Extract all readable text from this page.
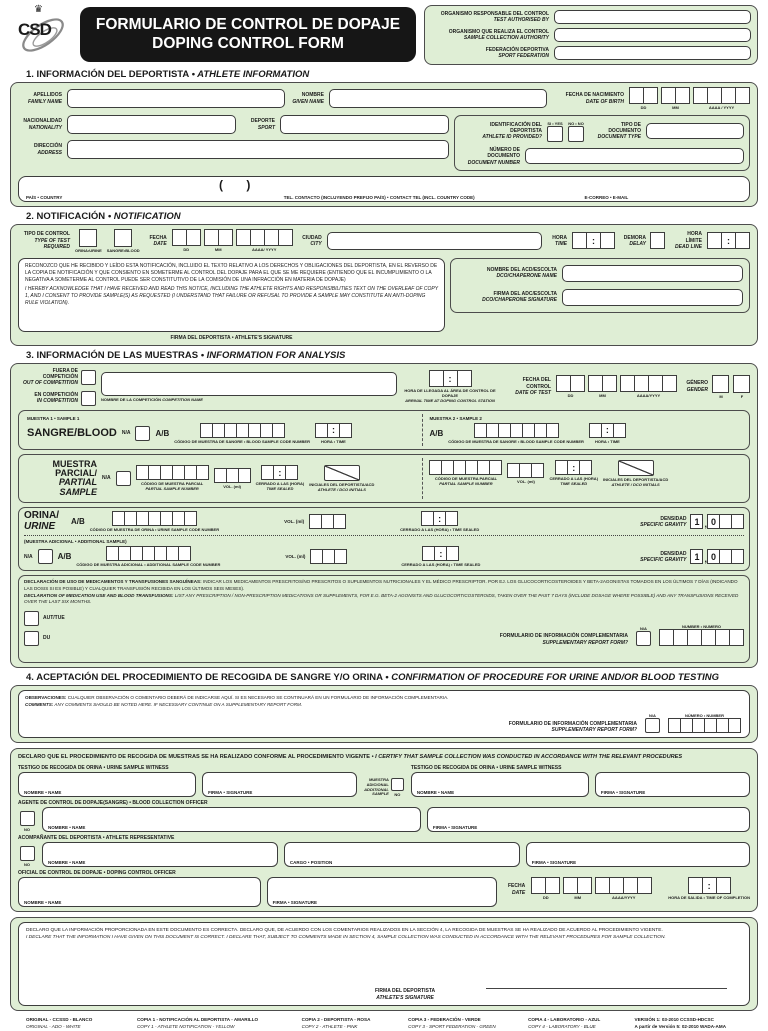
♛
CSD	FORMULARIO DE CONTROL DE DOPAJE
DOPING CONTROL FORM
ORGANISMO RESPONSABLE DEL CONTROL
TEST AUTHORISED BY
ORGANISMO QUE REALIZA EL CONTROL
SAMPLE COLLECTION AUTHORITY
FEDERACIÓN DEPORTIVA
SPORT FEDERATION
1. INFORMACIÓN DEL DEPORTISTA • ATHLETE INFORMATION
APELLIDOS
FAMILY NAME
NOMBRE
GIVEN NAME
FECHA DE NACIMIENTO
DATE OF BIRTH
DD	MM	AAAA / YYYY
NACIONALIDAD
NATIONALITY
DEPORTE
SPORT
DIRECCIÓN
ADDRESS
IDENTIFICACIÓN DEL DEPORTISTA
ATHLETE ID PROVIDED?
SI • YES NO • NO	TIPO DE DOCUMENTO
DOCUMENT TYPE
NÚMERO DE DOCUMENTO
DOCUMENT NUMBER
( )
PAÍS • COUNTRY	TEL. CONTACTO (INCLUYENDO PREFIJO PAÍS) • CONTACT TEL (INCL. COUNTRY CODE)	E-CORREO • E-MAIL
2. NOTIFICACIÓN • NOTIFICATION
TIPO DE CONTROL
TYPE OF TEST REQUIRED
ORINA•URINE SANGRE•BLOOD
FECHA
DATE
DD	MM	AAAA/ YYYY
CIUDAD
CITY
HORA
TIME
:
DEMORA
DELAY
HORA LÍMITE
DEAD LINE
:

RECONOZCO QUE HE RECIBIDO Y LEÍDO ESTA NOTIFICACIÓN, INCLUIDO EL TEXTO RELATIVO A LOS DERECHOS Y OBLIGACIONES DEL DEPORTISTA, EN EL REVERSO DE LA COPIA DE NOTIFICACIÓN Y QUE CONSIENTO EN SOMETERME AL CONTROL DEL DOPAJE PARA EL QUE SE ME REQUIERE (ENTIENDO QUE EL INCUMPLIMIENTO O LA NEGATIVA A SOMETERME AL CONTROL PUEDE SER CONSTITUTIVO DE LA COMISIÓN DE UNA INFRACCIÓN EN MATERIA DE DOPAJE)

I HEREBY ACKNOWLEDGE THAT I HAVE RECEIVED AND READ THIS NOTICE, INCLUDING THE ATHLETE RIGHTS AND RESPONSIBILITIES TEXT ON THE OVERLEAF OF COPY 1, AND I CONSENT TO PROVIDE SAMPLE(S) AS REQUESTED (I UNDERSTAND THAT FAILURE OR REFUSAL TO PROVIDE A SAMPLE MAY CONSTITUTE AN ANTI-DOPING RULE VIOLATION).

FIRMA DEL DEPORTISTA • ATHLETE'S SIGNATURE
NOMBRE DEL ACD/ESCOLTA
DCO/CHAPERONE NAME
FIRMA DEL ADC/ESCOLTA
DCO/CHAPERONE SIGNATURE
3. INFORMACIÓN DE LAS MUESTRAS • INFORMATION FOR ANALYSIS
FUERA DE COMPETICIÓN
OUT OF COMPETITION
EN COMPETICIÓN
IN COMPETITION	NOMBRE DE LA COMPETICIÓN COMPETITION NAME
:
HORA DE LLEGADA AL ÁREA DE CONTROL DE DOPAJE
ARRIVAL TIME AT DOPING CONTROL STATION
FECHA DEL CONTROL
DATE OF TEST	DD	MM	AAAA/YYYY
GÉNERO
GENDER
M	F
MUESTRA 1 • SAMPLE 1
SANGRE/BLOOD N/A	A/B
CÓDIGO DE MUESTRA DE SANGRE • BLOOD SAMPLE CODE NUMBER
:	HORA • TIME
MUESTRA 2 • SAMPLE 2
A/B
CÓDIGO DE MUESTRA DE SANGRE • BLOOD SAMPLE CODE NUMBER
:	HORA • TIME
MUESTRA
PARCIAL/
PARTIAL SAMPLE
N/A
CÓDIGO DE MUESTRA PARCIAL
PARTIAL SAMPLE NUMBER	VOL. (ml)
:	CERRADO A LAS (HORA)
TIME SEALED
INICIALES DEL DEPORTISTA/ACD
ATHLETE / DCO INITIALS
CÓDIGO DE MUESTRA PARCIAL
PARTIAL SAMPLE NUMBER	VOL. (ml)
:	CERRADO A LAS (HORA)
TIME SEALED
INICIALES DEL DEPORTISTA/ACD
ATHLETE / DCO INITIALS
ORINA/
URINE	A/B
CÓDIGO DE MUESTRA DE ORINA • URINE SAMPLE CODE NUMBER
VOL. (ml)
:
CERRADO A LAS (HORA) • TIME SEALED
DENSIDAD
SPECIFIC GRAVITY 1 , 0
(MUESTRA ADICIONAL • ADDITIONAL SAMPLE)
N/A	A/B
CÓDIGO DE MUESTRA ADICIONAL • ADDITIONAL SAMPLE CODE NUMBER
VOL. (ml)
:
CERRADO A LAS (HORA) • TIME SEALED
DENSIDAD
SPECIFIC GRAVITY 1 , 0

DECLARACIÓN DE USO DE MEDICAMENTOS Y TRANSFUSIONES SANGUÍNEAS: INDICAR LOS MEDICAMENTOS PRESCRITOS/NO PRESCRITOS O SUPLEMENTOS NUTRICIONALES Y EL MÉDICO PRESCRIPTOR. POR EJ. LOS GLUCOCORTICOSTEROIDES Y BETA-2AGONISTAS TOMADOS EN LOS ÚLTIMOS 7 DÍAS (INDICANDO LAS DOSIS SI ES POSIBLE) Y CUALQUIER TRANSFUSIÓN RECIBIDA EN LOS ÚLTIMOS SEIS MESES).

DECLARATION OF MEDICATION USE AND BLOOD TRANSFUSIONS: LIST ANY PRESCRIPTION / NON-PRESCRIPTION MEDICATIONS OR SUPPLEMENTS, FOR E.G. BETA-2 AGONISTS AND GLUCOCORTICOSTEROIDS, TAKEN OVER THE PAST 7 DAYS (INCLUDE DOSAGE WHERE POSSIBLE) AND ANY TRANSFUSIONS RECEIVED OVER THE LAST SIX MONTHS.

AUT/TUE
DU	FORMULARIO DE INFORMACIÓN COMPLEMENTARIA
SUPPLEMENTARY REPORT FORM?
N/A	NUMBER • NUMERO
4. ACEPTACIÓN DEL PROCEDIMIENTO DE RECOGIDA DE SANGRE Y/O ORINA • CONFIRMATION OF PROCEDURE FOR URINE AND/OR BLOOD TESTING

OBSERVACIONES: CUALQUIER OBSERVACIÓN O COMENTARIO DEBERÁ DE INDICARSE AQUÍ. SI ES NECESARIO SE CONTINUARÁ EN UN FORMULARIO DE INFORMACIÓN COMPLEMENTARIA.

COMMENTS: ANY COMMENTS SHOULD BE NOTED HERE. IF NECESSARY CONTINUE ON A SUPPLEMENTARY REPORT FORM.

FORMULARIO DE INFORMACIÓN COMPLEMENTARIA
SUPPLEMENTARY REPORT FORM?
N/A	NÚMERO • NUMBER
DECLARO QUE EL PROCEDIMIENTO DE RECOGIDA DE MUESTRAS SE HA REALIZADO CONFORME AL PROCEDIMIENTO VIGENTE • I CERTIFY THAT SAMPLE COLLECTION WAS CONDUCTED IN ACCORDANCE WITH THE RELEVANT PROCEDURES
TESTIGO DE RECOGIDA DE ORINA • URINE SAMPLE WITNESS
NOMBRE • NAME	FIRMA • SIGNATURE
MUESTRA
ADICIONAL
ADDITIONAL
SAMPLE NO
TESTIGO DE RECOGIDA DE ORINA • URINE SAMPLE WITNESS
NOMBRE • NAME	FIRMA • SIGNATURE
AGENTE DE CONTROL DE DOPAJE(SANGRE) • BLOOD COLLECTION OFFICER
NO	NOMBRE • NAME	FIRMA • SIGNATURE
ACOMPAÑANTE DEL DEPORTISTA • ATHLETE REPRESENTATIVE
NO	NOMBRE • NAME	CARGO • POSITION	FIRMA • SIGNATURE
OFICIAL DE CONTROL DE DOPAJE • DOPING CONTROL OFFICER
NOMBRE • NAME	FIRMA • SIGNATURE
FECHA
DATE
DD	MM	AAAA/YYYY
:	HORA DE SALIDA • TIME OF COMPLETION

DECLARO QUE LA INFORMACIÓN PROPORCIONADA EN ESTE DOCUMENTO ES CORRECTA. DECLARO QUE, DE ACUERDO CON LOS COMENTARIOS REALIZADOS EN LA SECCIÓN 4, LA RECOGIDA DE MUESTRAS SE HA REALIZADO DE ACUERDO AL PROCEDIMIENTO VIGENTE.

I DECLARE THAT THE INFORMATION I HAVE GIVEN ON THIS DOCUMENT IS CORRECT. I DECLARE THAT, SUBJECT TO COMMENTS MADE IN SECTION 4, SAMPLE COLLECTION WAS CONDUCTED IN ACCORDANCE WITH THE RELEVANT PROCEDURES FOR SAMPLE COLLECTION.

FIRMA DEL DEPORTISTA
ATHLETE'S SIGNATURE
ORIGINAL - CCSSD - BLANCO
ORIGINAL - ADO - WHITE
COPIA 1 - NOTIFICACIÓN AL DEPORTISTA - AMARILLO
COPY 1 - ATHLETE NOTIFICATION - YELLOW
COPIA 2 - DEPORTISTA - ROSA
COPY 2 - ATHLETE - PINK
COPIA 3 - FEDERACIÓN - VERDE
COPY 3 - SPORT FEDERATION - GREEN
COPIA 4 - LABORATORIO - AZUL
COPY 4 - LABORATORY - BLUE
VERSIÓN 1: 03-2010 CCSSD-HDCSC
A partir de Versión 5: 02-2010 WADA-AMA
